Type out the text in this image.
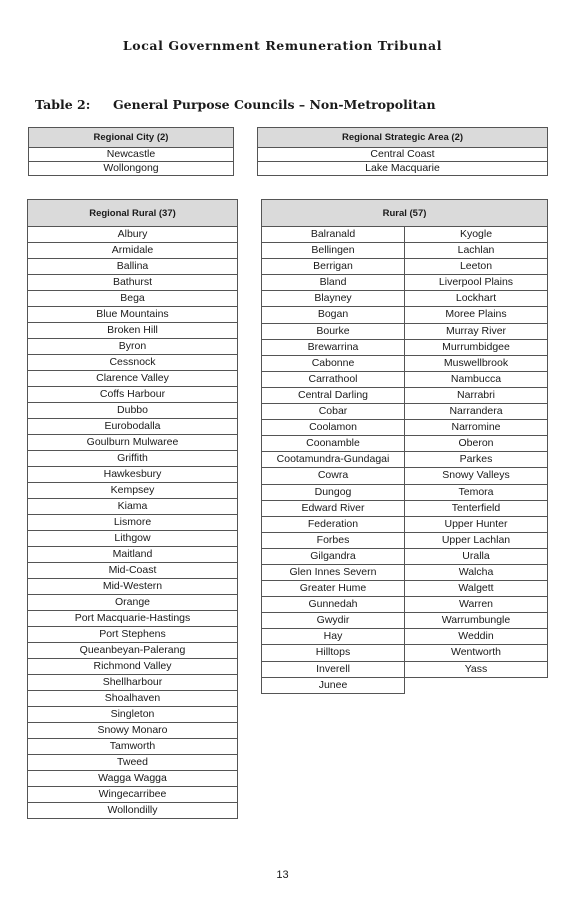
Local Government Remuneration Tribunal
Table 2: General Purpose Councils – Non-Metropolitan
Regional City (2)
Newcastle
Wollongong
Regional Strategic Area (2)
Central Coast
Lake Macquarie
Regional Rural (37)
Albury
Armidale
Ballina
Bathurst
Bega
Blue Mountains
Broken Hill
Byron
Cessnock
Clarence Valley
Coffs Harbour
Dubbo
Eurobodalla
Goulburn Mulwaree
Griffith
Hawkesbury
Kempsey
Kiama
Lismore
Lithgow
Maitland
Mid-Coast
Mid-Western
Orange
Port Macquarie-Hastings
Port Stephens
Queanbeyan-Palerang
Richmond Valley
Shellharbour
Shoalhaven
Singleton
Snowy Monaro
Tamworth
Tweed
Wagga Wagga
Wingecarribee
Wollondilly
Rural (57)	
Balranald	Kyogle
Bellingen	Lachlan
Berrigan	Leeton
Bland	Liverpool Plains
Blayney	Lockhart
Bogan	Moree Plains
Bourke	Murray River
Brewarrina	Murrumbidgee
Cabonne	Muswellbrook
Carrathool	Nambucca
Central Darling	Narrabri
Cobar	Narrandera
Coolamon	Narromine
Coonamble	Oberon
Cootamundra-Gundagai	Parkes
Cowra	Snowy Valleys
Dungog	Temora
Edward River	Tenterfield
Federation	Upper Hunter
Forbes	Upper Lachlan
Gilgandra	Uralla
Glen Innes Severn	Walcha
Greater Hume	Walgett
Gunnedah	Warren
Gwydir	Warrumbungle
Hay	Weddin
Hilltops	Wentworth
Inverell	Yass
Junee	
13
